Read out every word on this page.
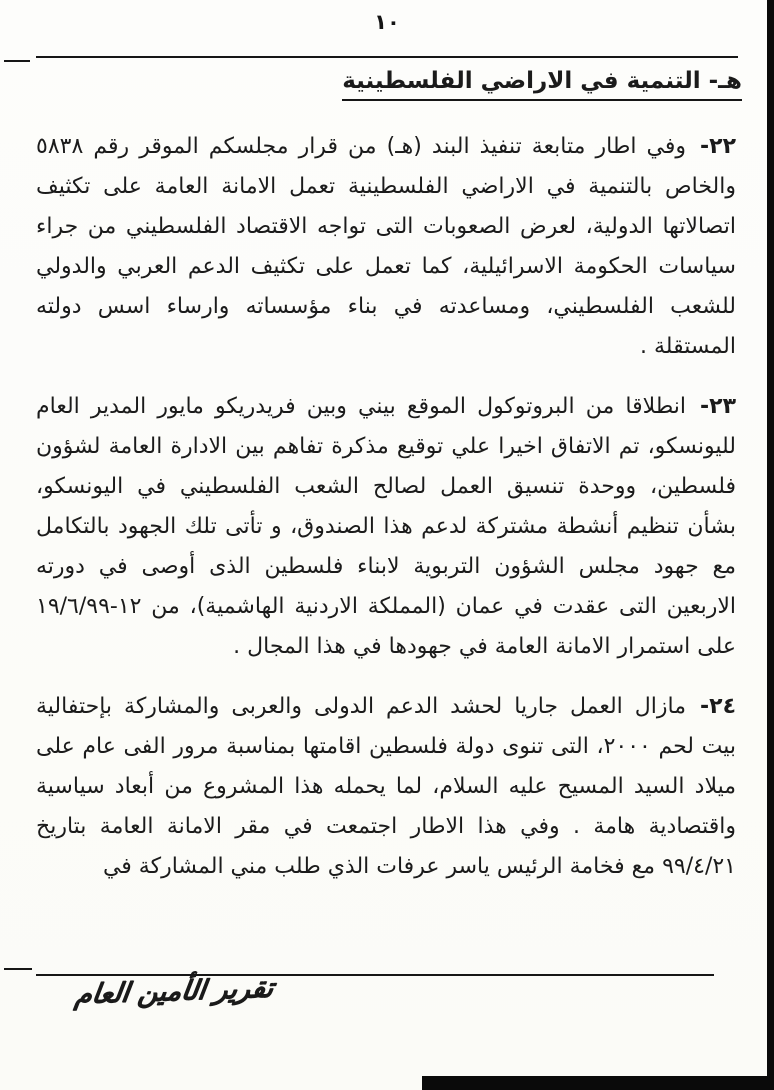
١٠
هـ- التنمية في الاراضي الفلسطينية

٢٢-وفي اطار متابعة تنفيذ البند (هـ) من قرار مجلسكم الموقر رقم ٥٨٣٨ والخاص بالتنمية في الاراضي الفلسطينية تعمل الامانة العامة على تكثيف اتصالاتها الدولية، لعرض الصعوبات التى تواجه الاقتصاد الفلسطيني من جراء سياسات الحكومة الاسرائيلية، كما تعمل على تكثيف الدعم العربي والدولي للشعب الفلسطيني، ومساعدته في بناء مؤسساته وارساء اسس دولته المستقلة .

٢٣-انطلاقا من البروتوكول الموقع بيني وبين فريدريكو مايور المدير العام لليونسكو، تم الاتفاق اخيرا علي توقيع مذكرة تفاهم بين الادارة العامة لشؤون فلسطين، ووحدة تنسيق العمل لصالح الشعب الفلسطيني في اليونسكو، بشأن تنظيم أنشطة مشتركة لدعم هذا الصندوق، و تأتى تلك الجهود بالتكامل مع جهود مجلس الشؤون التربوية لابناء فلسطين الذى أوصى في دورته الاربعين التى عقدت في عمان (المملكة الاردنية الهاشمية)، من ١٢-١٩/٦/٩٩ على استمرار الامانة العامة في جهودها في هذا المجال .

٢٤-مازال العمل جاريا لحشد الدعم الدولى والعربى والمشاركة بإحتفالية بيت لحم ٢٠٠٠، التى تنوى دولة فلسطين اقامتها بمناسبة مرور الفى عام على ميلاد السيد المسيح عليه السلام، لما يحمله هذا المشروع من أبعاد سياسية واقتصادية هامة . وفي هذا الاطار اجتمعت في مقر الامانة العامة بتاريخ ٩٩/٤/٢١ مع فخامة الرئيس ياسر عرفات الذي طلب مني المشاركة في

تقرير الأمين العام
